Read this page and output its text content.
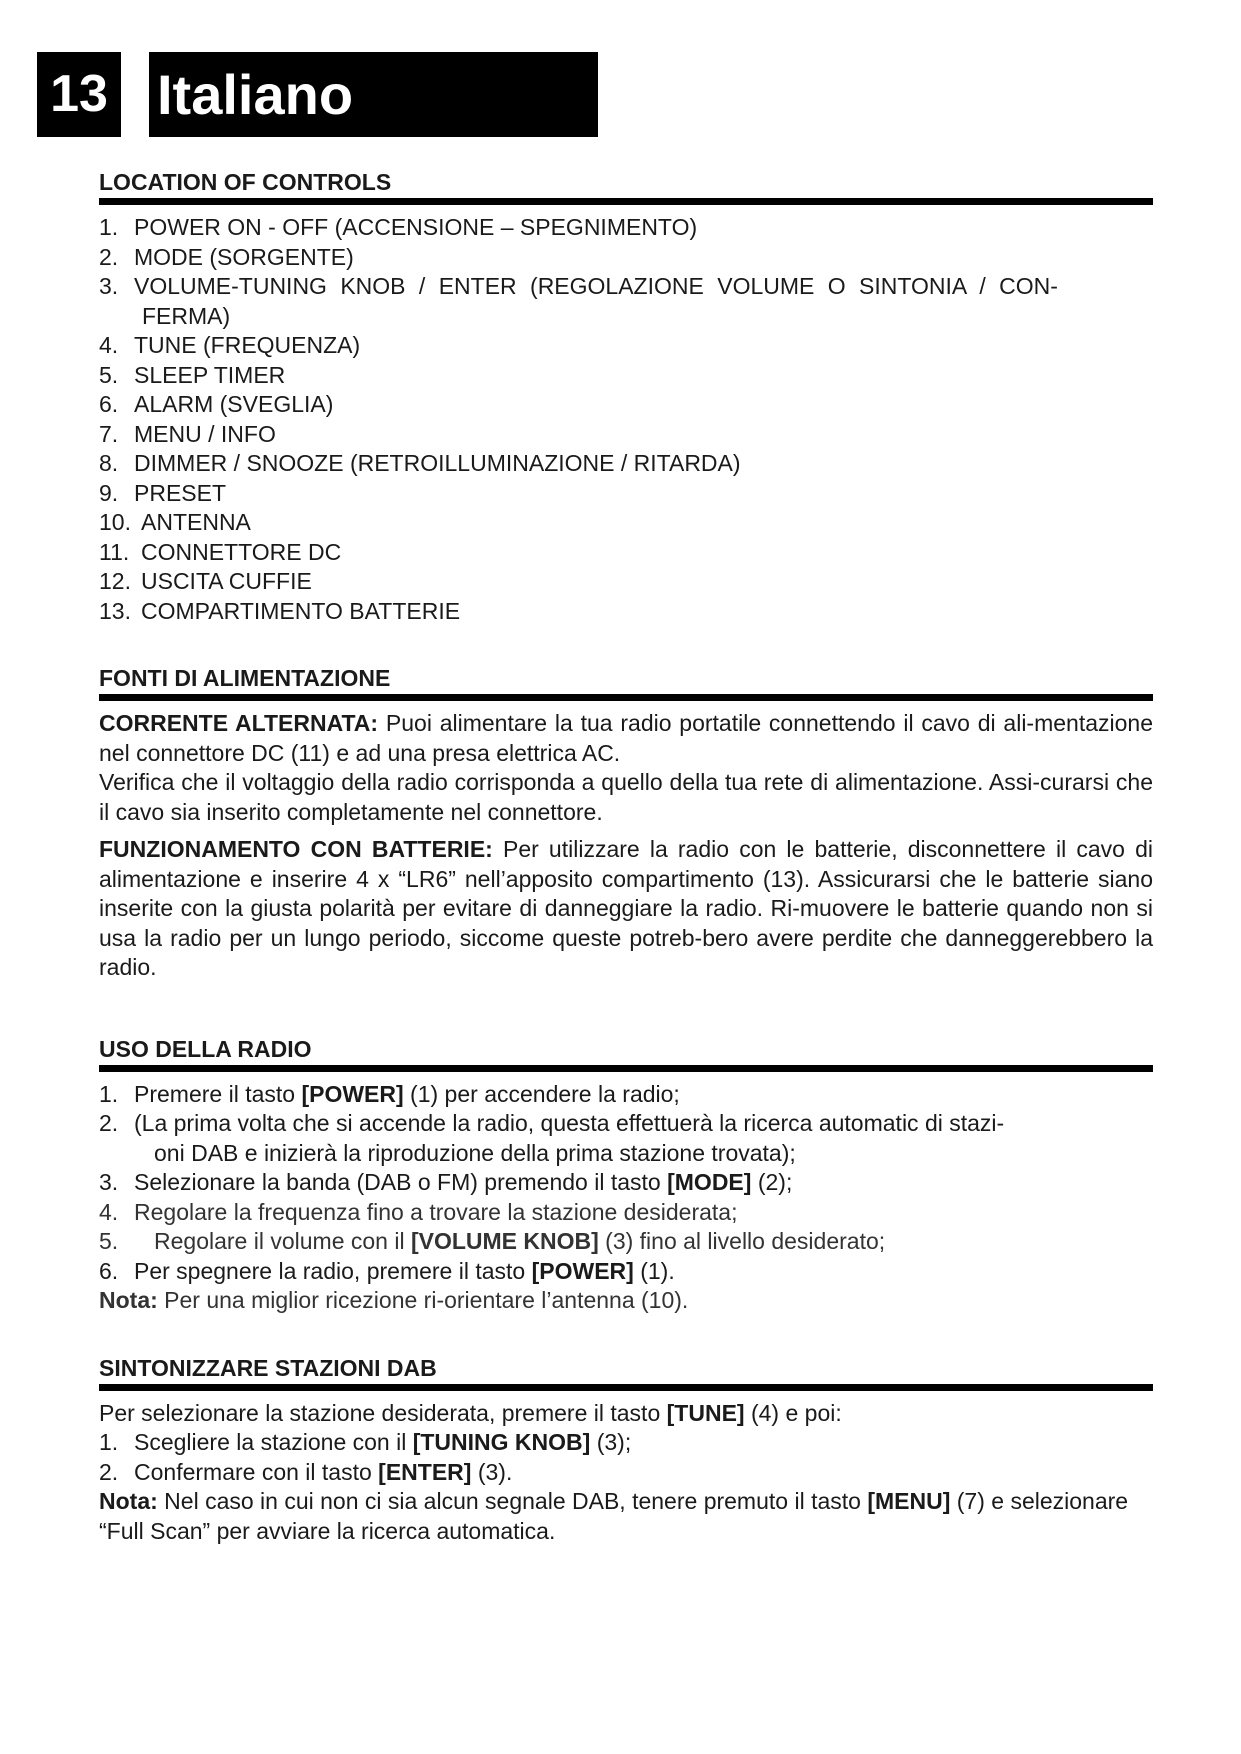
13 Italiano
LOCATION OF CONTROLS
1. POWER ON - OFF (ACCENSIONE – SPEGNIMENTO)
2. MODE (SORGENTE)
3. VOLUME-TUNING KNOB / ENTER (REGOLAZIONE VOLUME O SINTONIA / CON-
FERMA)
4. TUNE (FREQUENZA)
5. SLEEP TIMER
6. ALARM (SVEGLIA)
7. MENU / INFO
8. DIMMER / SNOOZE (RETROILLUMINAZIONE / RITARDA)
9. PRESET
10. ANTENNA
11. CONNETTORE DC
12. USCITA CUFFIE
13. COMPARTIMENTO BATTERIE
FONTI DI ALIMENTAZIONE

CORRENTE ALTERNATA: Puoi alimentare la tua radio portatile connettendo il cavo di ali-mentazione nel connettore DC (11) e ad una presa elettrica AC.

Verifica che il voltaggio della radio corrisponda a quello della tua rete di alimentazione. Assi-curarsi che il cavo sia inserito completamente nel connettore.

FUNZIONAMENTO CON BATTERIE: Per utilizzare la radio con le batterie, disconnettere il cavo di alimentazione e inserire 4 x “LR6” nell’apposito compartimento (13). Assicurarsi che le batterie siano inserite con la giusta polarità per evitare di danneggiare la radio. Ri-muovere le batterie quando non si usa la radio per un lungo periodo, siccome queste potreb-bero avere perdite che danneggerebbero la radio.

USO DELLA RADIO
1. Premere il tasto [POWER] (1) per accendere la radio;
2. (La prima volta che si accende la radio, questa effettuerà la ricerca automatic di stazi-
oni DAB e inizierà la riproduzione della prima stazione trovata);
3. Selezionare la banda (DAB o FM) premendo il tasto [MODE] (2);
4. Regolare la frequenza fino a trovare la stazione desiderata;
5. Regolare il volume con il [VOLUME KNOB] (3) fino al livello desiderato;
6. Per spegnere la radio, premere il tasto [POWER] (1).

Nota: Per una miglior ricezione ri-orientare l’antenna (10).

SINTONIZZARE STAZIONI DAB

Per selezionare la stazione desiderata, premere il tasto [TUNE] (4) e poi:

1. Scegliere la stazione con il [TUNING KNOB] (3);
2. Confermare con il tasto [ENTER] (3).

Nota: Nel caso in cui non ci sia alcun segnale DAB, tenere premuto il tasto [MENU] (7) e selezionare “Full Scan” per avviare la ricerca automatica.
